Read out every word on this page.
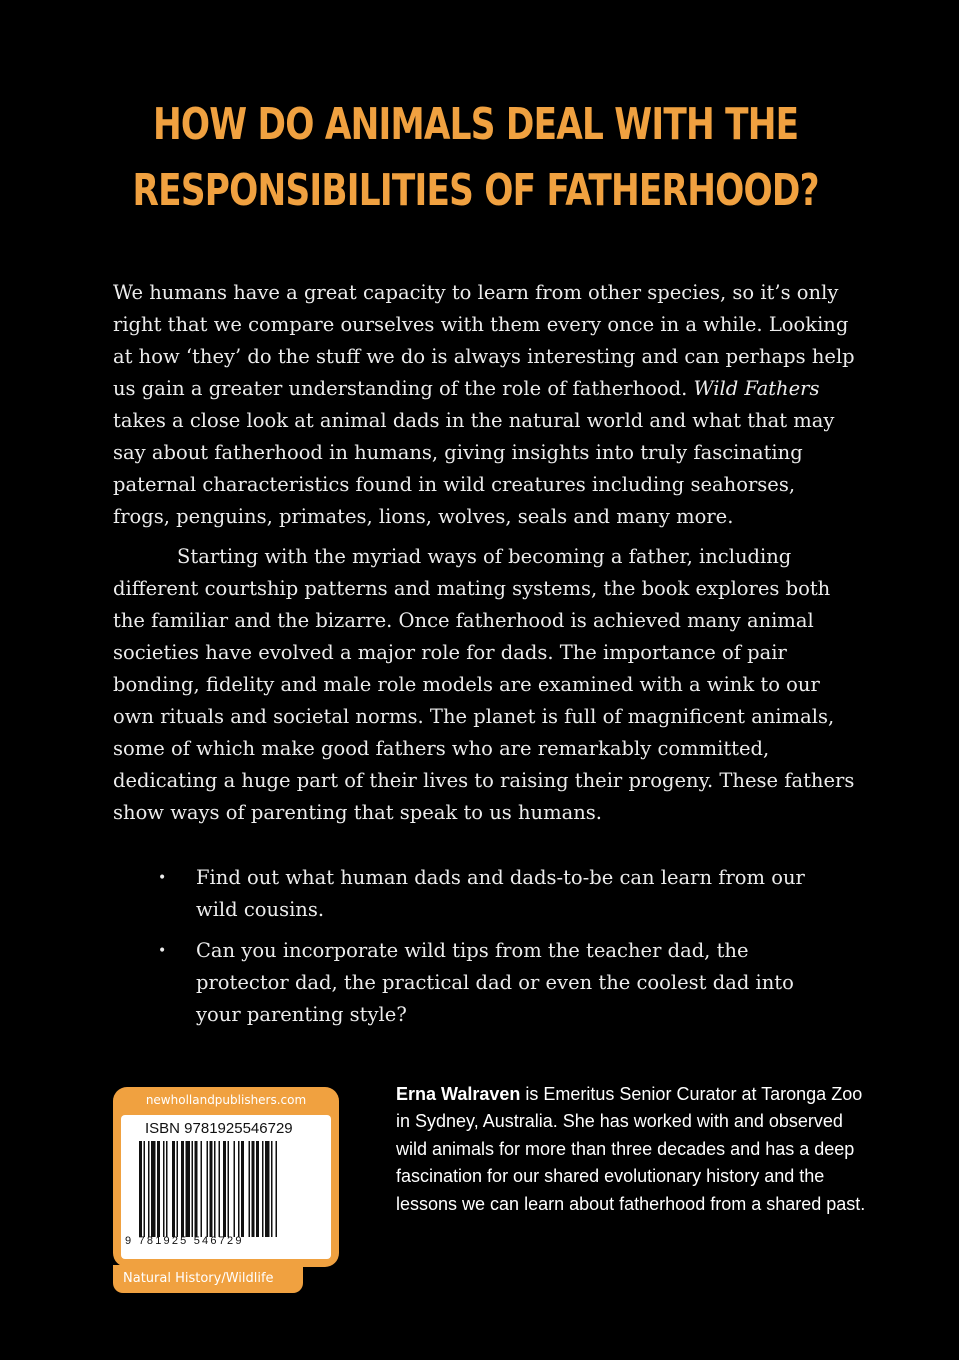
HOW DO ANIMALS DEAL WITH THE
RESPONSIBILITIES OF FATHERHOOD?

We humans have a great capacity to learn from other species, so it’s only right that we compare ourselves with them every once in a while. Looking at how ‘they’ do the stuff we do is always interesting and can perhaps help us gain a greater understanding of the role of fatherhood. Wild Fathers takes a close look at animal dads in the natural world and what that may say about fatherhood in humans, giving insights into truly fascinating paternal characteristics found in wild creatures including seahorses, frogs, penguins, primates, lions, wolves, seals and many more.

Starting with the myriad ways of becoming a father, including different courtship patterns and mating systems, the book explores both the familiar and the bizarre. Once fatherhood is achieved many animal societies have evolved a major role for dads. The importance of pair bonding, fidelity and male role models are examined with a wink to our own rituals and societal norms. The planet is full of magnificent animals, some of which make good fathers who are remarkably committed, dedicating a huge part of their lives to raising their progeny. These fathers show ways of parenting that speak to us humans.

• Find out what human dads and dads-to-be can learn from our wild cousins.
• Can you incorporate wild tips from the teacher dad, the protector dad, the practical dad or even the coolest dad into your parenting style?
newhollandpublishers.com
ISBN 9781925546729
9 781925 546729
Natural History/Wildlife
Erna Walraven is Emeritus Senior Curator at Taronga Zoo in Sydney, Australia. She has worked with and observed wild animals for more than three decades and has a deep fascination for our shared evolutionary history and the lessons we can learn about fatherhood from a shared past.
